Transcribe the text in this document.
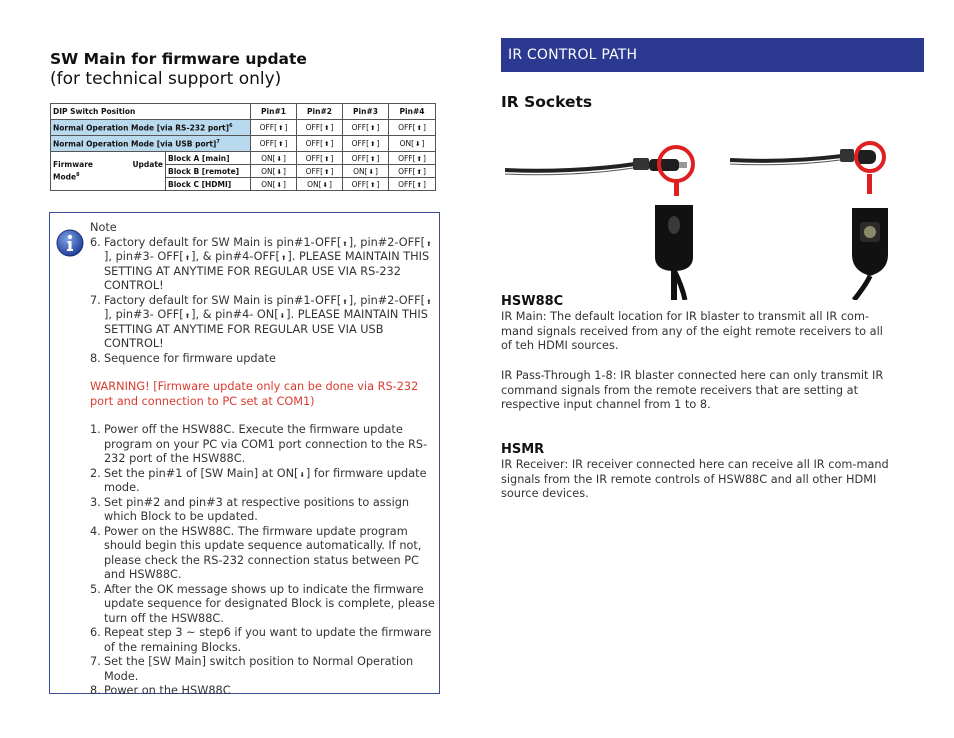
SW Main for firmware update
(for technical support only)
DIP Switch Position		Pin#1	Pin#2	Pin#3	Pin#4
Normal Operation Mode [via RS-232 port]$^6$		OFF[⬆]	OFF[⬆]	OFF[⬆]	OFF[⬆]
Normal Operation Mode [via USB port]$^7$		OFF[⬆]	OFF[⬆]	OFF[⬆]	ON[⬇]

Firmware Update
Mode$^8$	Block A [main]	ON[⬇]	OFF[⬆]	OFF[⬆]	OFF[⬆]
	Block B [remote]	ON[⬇]	OFF[⬆]	ON[⬇]	OFF[⬆]
	Block C [HDMI]	ON[⬇]	ON[⬇]	OFF[⬆]	OFF[⬆]
Note
6. Factory default for SW Main is pin#1-OFF[⬆], pin#2-OFF[⬆], pin#3- OFF[⬆], & pin#4-OFF[⬆]. PLEASE MAINTAIN THIS SETTING AT ANYTIME FOR REGULAR USE VIA RS-232 CONTROL!
7. Factory default for SW Main is pin#1-OFF[⬆], pin#2-OFF[⬆], pin#3- OFF[⬆], & pin#4- ON[⬇]. PLEASE MAINTAIN THIS SETTING AT ANYTIME FOR REGULAR USE VIA USB CONTROL!
8. Sequence for firmware update
WARNING! [Firmware update only can be done via RS-232 port and connection to PC set at COM1)
1. Power off the HSW88C. Execute the firmware update program on your PC via COM1 port connection to the RS-232 port of the HSW88C.
2. Set the pin#1 of [SW Main] at ON[⬇] for firmware update mode.
3. Set pin#2 and pin#3 at respective positions to assign which Block to be updated.
4. Power on the HSW88C. The firmware update program should begin this update sequence automatically. If not, please check the RS-232 connection status between PC and HSW88C.
5. After the OK message shows up to indicate the firmware update sequence for designated Block is complete, please turn off the HSW88C.
6. Repeat step 3 ~ step6 if you want to update the firmware of the remaining Blocks.
7. Set the [SW Main] switch position to Normal Operation Mode.
8. Power on the HSW88C
IR CONTROL PATH
IR Sockets
HSW88C
IR Main: The default location for IR blaster to transmit all IR com-mand signals received from any of the eight remote receivers to all of teh HDMI sources.
IR Pass-Through 1-8: IR blaster connected here can only transmit IR command signals from the remote receivers that are setting at respective input channel from 1 to 8.
HSMR
IR Receiver: IR receiver connected here can receive all IR com-mand signals from the IR remote controls of HSW88C and all other HDMI source devices.
